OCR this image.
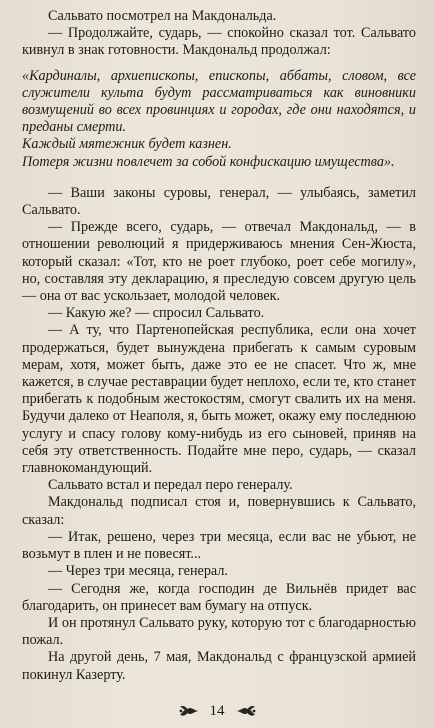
Сальвато посмотрел на Макдональда.

— Продолжайте, сударь, — спокойно сказал тот. Сальвато кивнул в знак готовности. Макдональд продолжал:

«Кардиналы, архиепископы, епископы, аббаты, словом, все служители культа будут рассматриваться как виновники возмущений во всех провинциях и городах, где они находятся, и преданы смерти.

Каждый мятежник будет казнен.

Потеря жизни повлечет за собой конфискацию имущества».

— Ваши законы суровы, генерал, — улыбаясь, заметил Сальвато.

— Прежде всего, сударь, — отвечал Макдональд, — в отношении революций я придерживаюсь мнения Сен-Жюста, который сказал: «Тот, кто не роет глубоко, роет себе могилу», но, составляя эту декларацию, я преследую совсем другую цель — она от вас ускользает, молодой человек.

— Какую же? — спросил Сальвато.

— А ту, что Партенопейская республика, если она хочет продержаться, будет вынуждена прибегать к самым суровым мерам, хотя, может быть, даже это ее не спасет. Что ж, мне кажется, в случае реставрации будет неплохо, если те, кто станет прибегать к подобным жестокостям, смогут свалить их на меня. Будучи далеко от Неаполя, я, быть может, окажу ему последнюю услугу и спасу голову кому-нибудь из его сыновей, приняв на себя эту ответственность. Подайте мне перо, сударь, — сказал главнокомандующий.

Сальвато встал и передал перо генералу.

Макдональд подписал стоя и, повернувшись к Сальвато, сказал:

— Итак, решено, через три месяца, если вас не убьют, не возьмут в плен и не повесят...

— Через три месяца, генерал.

— Сегодня же, когда господин де Вильнёв придет вас благодарить, он принесет вам бумагу на отпуск.

И он протянул Сальвато руку, которую тот с благодарностью пожал.

На другой день, 7 мая, Макдональд с французской армией покинул Казерту.

14
